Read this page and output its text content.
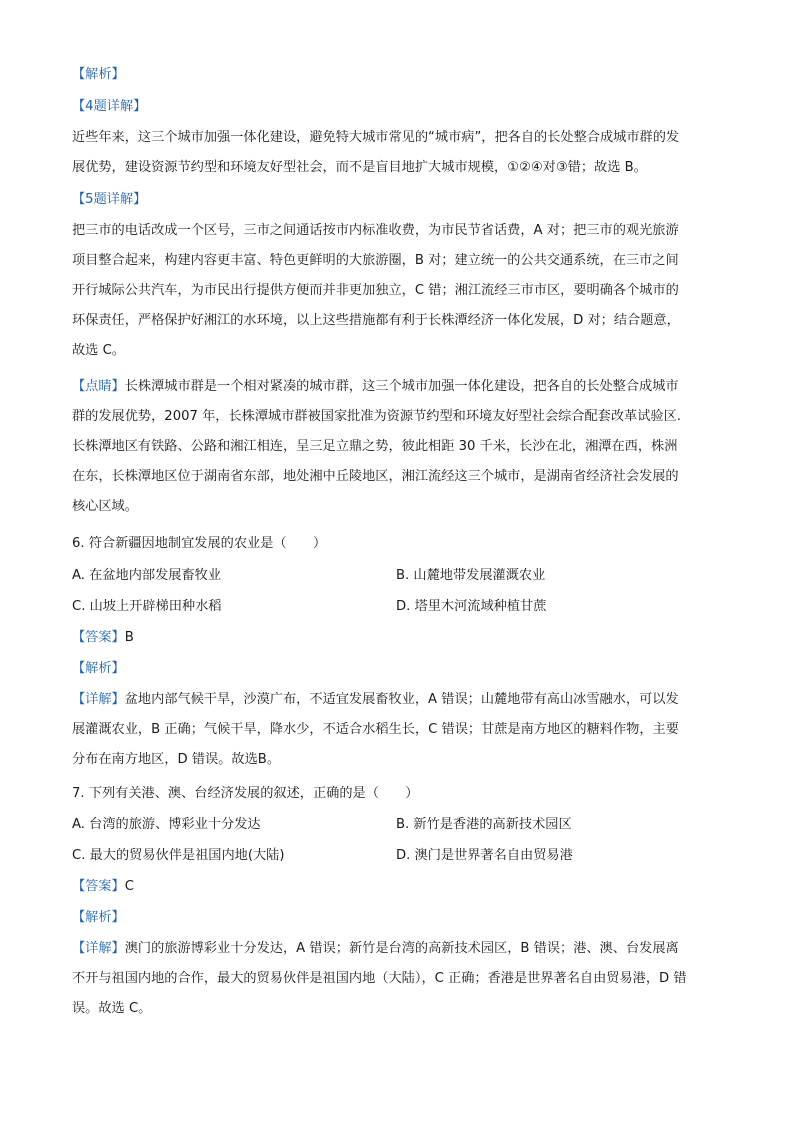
【解析】
【4题详解】
近些年来，这三个城市加强一体化建设，避免特大城市常见的“城市病”，把各自的长处整合成城市群的发
展优势，建设资源节约型和环境友好型社会，而不是盲目地扩大城市规模，①②④对③错；故选 B。
【5题详解】
把三市的电话改成一个区号，三市之间通话按市内标准收费，为市民节省话费，A 对；把三市的观光旅游
项目整合起来，构建内容更丰富、特色更鲜明的大旅游圈，B 对；建立统一的公共交通系统，在三市之间
开行城际公共汽车，为市民出行提供方便而并非更加独立，C 错；湘江流经三市市区，要明确各个城市的
环保责任，严格保护好湘江的水环境，以上这些措施都有利于长株潭经济一体化发展，D 对；结合题意，
故选 C。
【点睛】长株潭城市群是一个相对紧凑的城市群，这三个城市加强一体化建设，把各自的长处整合成城市
群的发展优势，2007 年，长株潭城市群被国家批准为资源节约型和环境友好型社会综合配套改革试验区.
长株潭地区有铁路、公路和湘江相连，呈三足立鼎之势，彼此相距 30 千米，长沙在北，湘潭在西，株洲
在东，长株潭地区位于湖南省东部，地处湘中丘陵地区，湘江流经这三个城市，是湖南省经济社会发展的
核心区域。
6. 符合新疆因地制宜发展的农业是（　　）
A. 在盆地内部发展畜牧业	B. 山麓地带发展灌溉农业
C. 山坡上开辟梯田种水稻	D. 塔里木河流域种植甘蔗
【答案】B
【解析】
【详解】盆地内部气候干旱，沙漠广布，不适宜发展畜牧业，A 错误；山麓地带有高山冰雪融水，可以发
展灌溉农业，B 正确；气候干旱，降水少，不适合水稻生长，C 错误；甘蔗是南方地区的糖料作物，主要
分布在南方地区，D 错误。故选B。
7. 下列有关港、澳、台经济发展的叙述，正确的是（　　）
A. 台湾的旅游、博彩业十分发达	B. 新竹是香港的高新技术园区
C. 最大的贸易伙伴是祖国内地(大陆)	D. 澳门是世界著名自由贸易港
【答案】C
【解析】
【详解】澳门的旅游博彩业十分发达，A 错误；新竹是台湾的高新技术园区，B 错误；港、澳、台发展离
不开与祖国内地的合作，最大的贸易伙伴是祖国内地（大陆），C 正确；香港是世界著名自由贸易港，D 错
误。故选 C。
